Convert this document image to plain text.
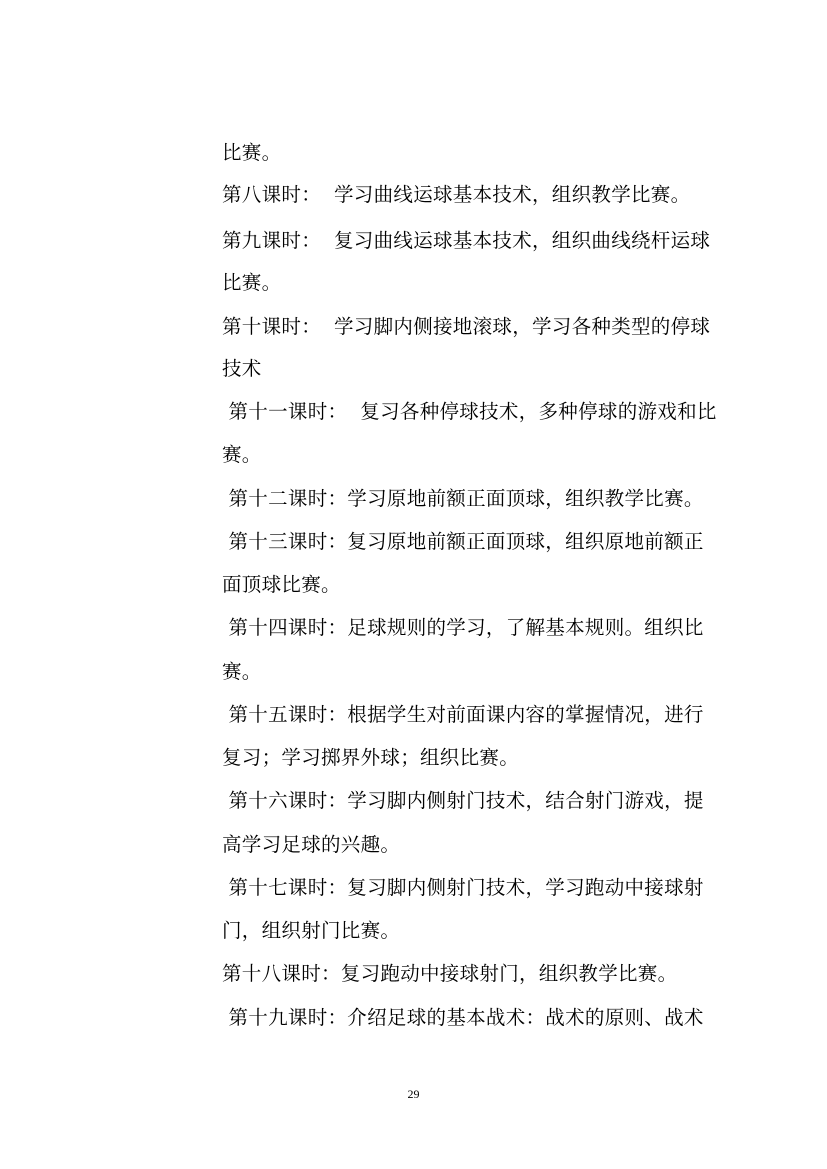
比赛。
第八课时：  学习曲线运球基本技术，组织教学比赛。
第九课时：  复习曲线运球基本技术，组织曲线绕杆运球
比赛。
第十课时：  学习脚内侧接地滚球，学习各种类型的停球
技术
第十一课时：  复习各种停球技术，多种停球的游戏和比
赛。
第十二课时：学习原地前额正面顶球，组织教学比赛。
第十三课时：复习原地前额正面顶球，组织原地前额正
面顶球比赛。
第十四课时：足球规则的学习，了解基本规则。组织比
赛。
第十五课时：根据学生对前面课内容的掌握情况，进行
复习；学习掷界外球；组织比赛。
第十六课时：学习脚内侧射门技术，结合射门游戏，提
高学习足球的兴趣。
第十七课时：复习脚内侧射门技术，学习跑动中接球射
门，组织射门比赛。
第十八课时：复习跑动中接球射门，组织教学比赛。
第十九课时：介绍足球的基本战术：战术的原则、战术
29
